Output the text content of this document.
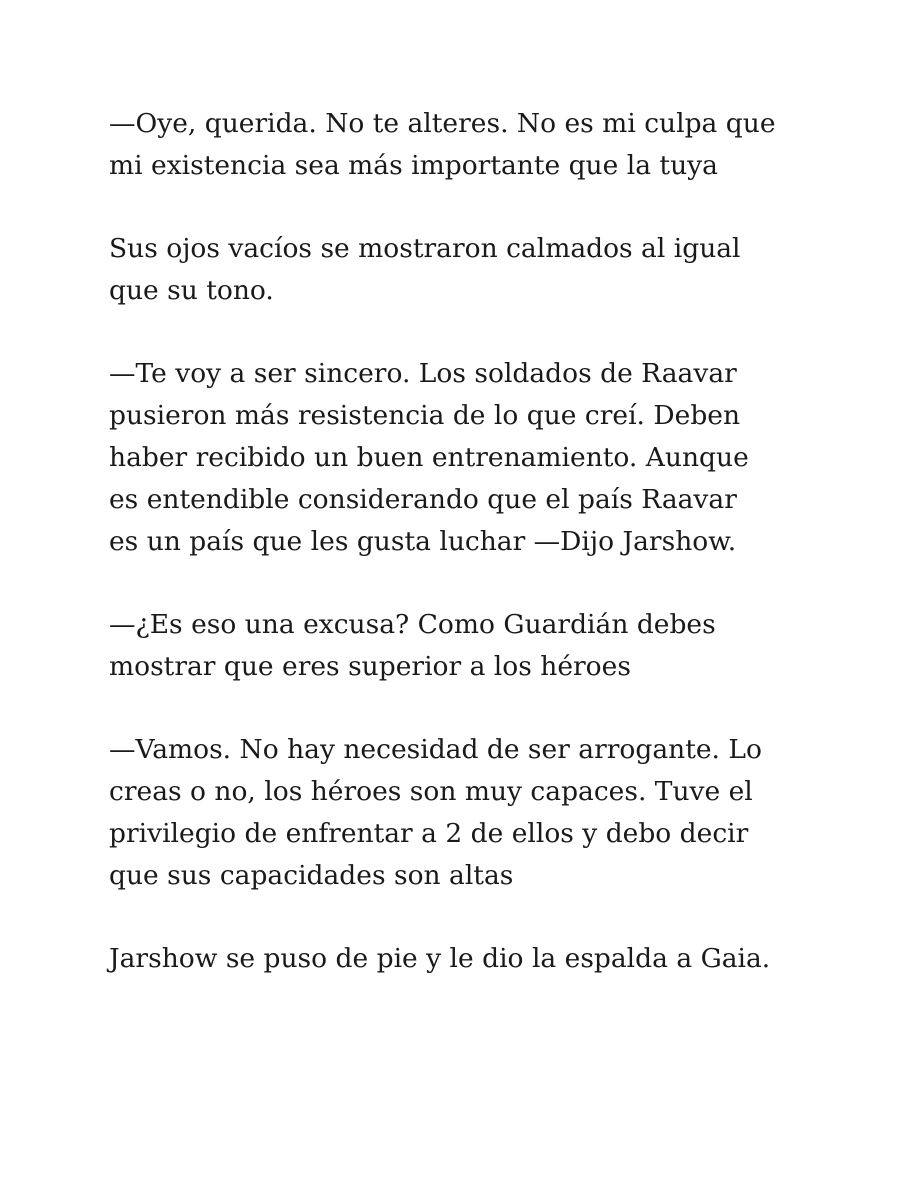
—Oye, querida. No te alteres. No es mi culpa que
mi existencia sea más importante que la tuya

Sus ojos vacíos se mostraron calmados al igual
que su tono.

—Te voy a ser sincero. Los soldados de Raavar
pusieron más resistencia de lo que creí. Deben
haber recibido un buen entrenamiento. Aunque
es entendible considerando que el país Raavar
es un país que les gusta luchar —Dijo Jarshow.

—¿Es eso una excusa? Como Guardián debes
mostrar que eres superior a los héroes

—Vamos. No hay necesidad de ser arrogante. Lo
creas o no, los héroes son muy capaces. Tuve el
privilegio de enfrentar a 2 de ellos y debo decir
que sus capacidades son altas

Jarshow se puso de pie y le dio la espalda a Gaia.
